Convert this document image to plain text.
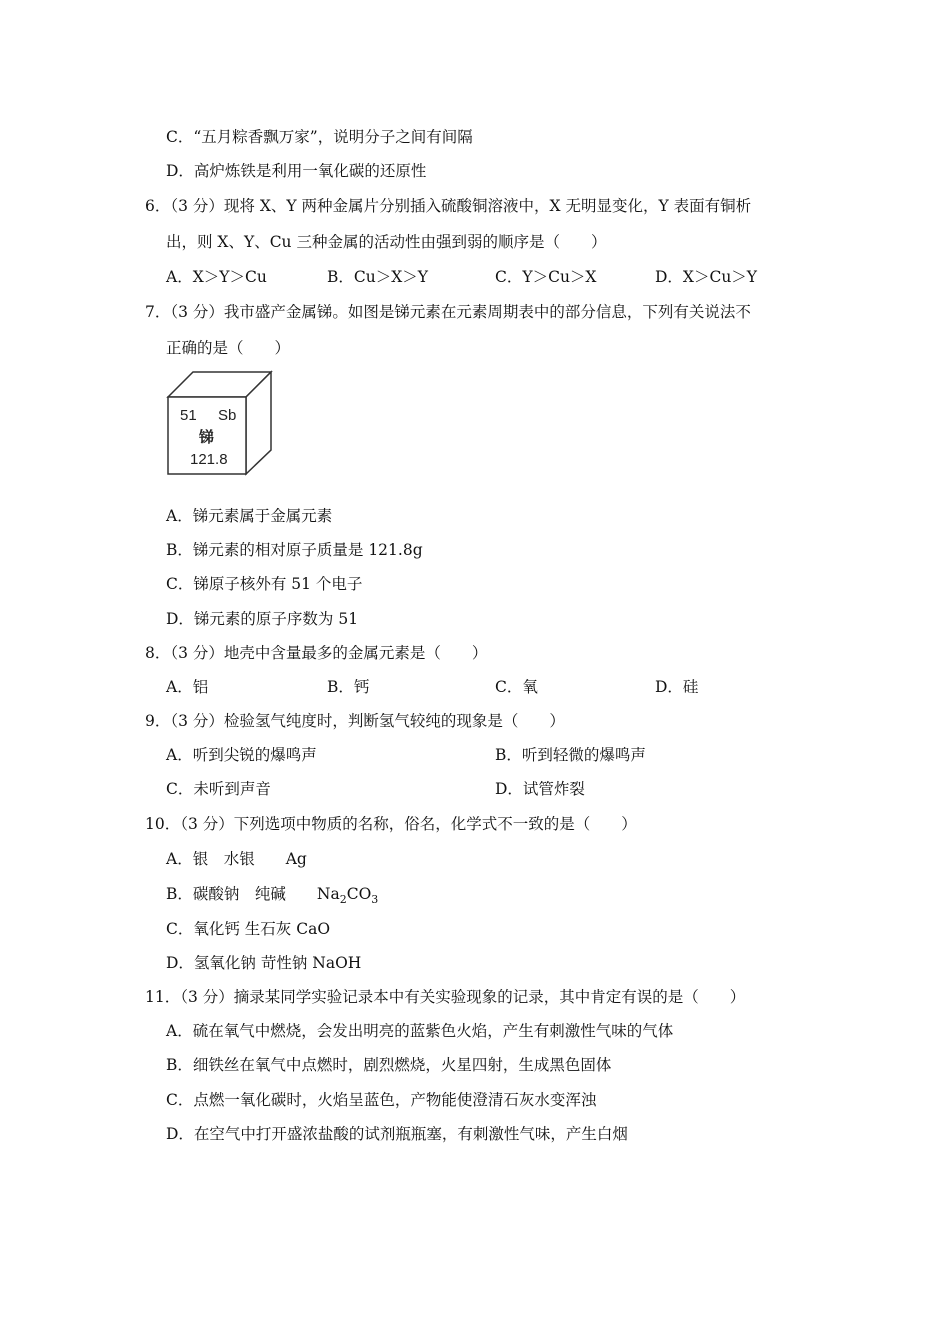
C．“五月粽香飘万家”，说明分子之间有间隔
D．高炉炼铁是利用一氧化碳的还原性
6．（3 分）现将 X、Y 两种金属片分别插入硫酸铜溶液中，X 无明显变化，Y 表面有铜析
出，则 X、Y、Cu 三种金属的活动性由强到弱的顺序是（　　）
A．X＞Y＞Cu	B．Cu＞X＞Y	C．Y＞Cu＞X	D．X＞Cu＞Y
7．（3 分）我市盛产金属锑。如图是锑元素在元素周期表中的部分信息，下列有关说法不
正确的是（　　）
51 Sb
锑
121.8
A．锑元素属于金属元素
B．锑元素的相对原子质量是 121.8g
C．锑原子核外有 51 个电子
D．锑元素的原子序数为 51
8．（3 分）地壳中含量最多的金属元素是（　　）
A．铝	B．钙	C．氧	D．硅
9．（3 分）检验氢气纯度时，判断氢气较纯的现象是（　　）
A．听到尖锐的爆鸣声	B．听到轻微的爆鸣声
C．未听到声音	D．试管炸裂
10．（3 分）下列选项中物质的名称，俗名，化学式不一致的是（　　）
A．银　水银　　Ag
B．碳酸钠　纯碱　　$Na_2CO_3$
C．氧化钙 生石灰 CaO
D．氢氧化钠 苛性钠 NaOH
11．（3 分）摘录某同学实验记录本中有关实验现象的记录，其中肯定有误的是（　　）
A．硫在氧气中燃烧，会发出明亮的蓝紫色火焰，产生有刺激性气味的气体
B．细铁丝在氧气中点燃时，剧烈燃烧，火星四射，生成黑色固体
C．点燃一氧化碳时，火焰呈蓝色，产物能使澄清石灰水变浑浊
D．在空气中打开盛浓盐酸的试剂瓶瓶塞，有刺激性气味，产生白烟
